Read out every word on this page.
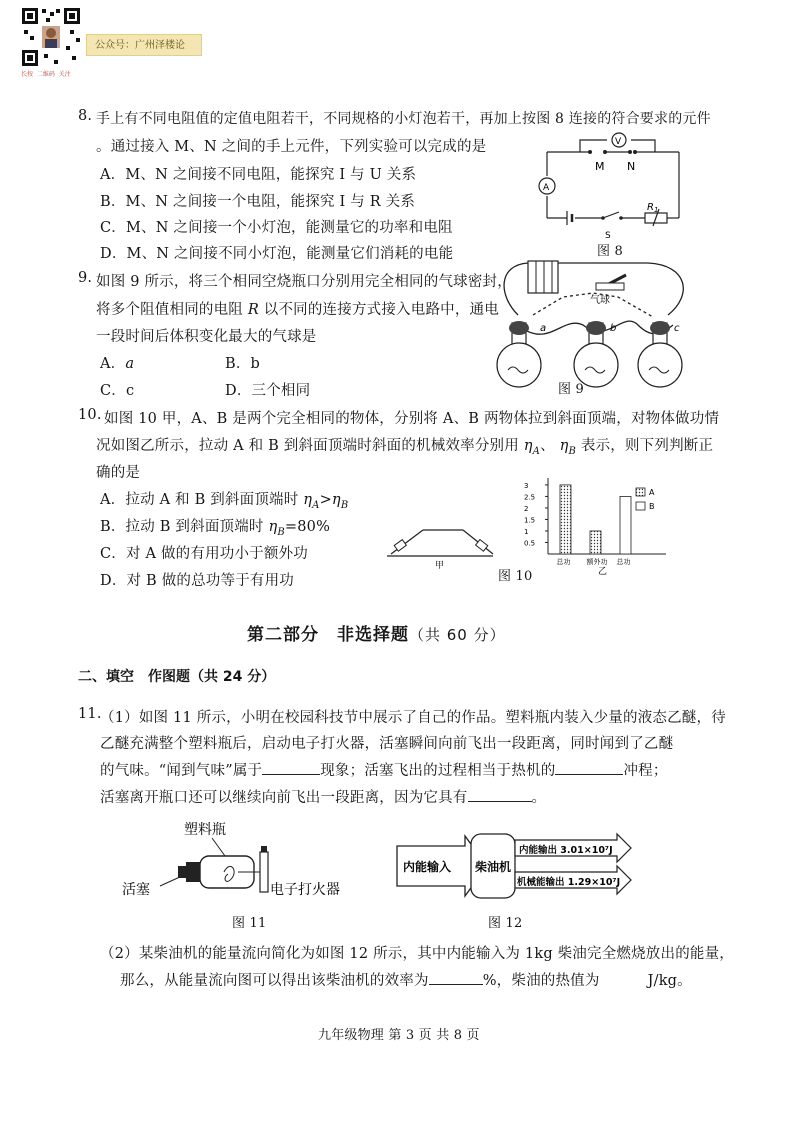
长按 二维码 关注
公众号：广州泽楼论
8. 手上有不同电阻值的定值电阻若干，不同规格的小灯泡若干，再加上按图 8 连接的符合要求的元件
。通过接入 M、N 之间的手上元件，下列实验可以完成的是
A．M、N 之间接不同电阻，能探究 I 与 U 关系
B．M、N 之间接一个电阻，能探究 I 与 R 关系
C．M、N 之间接一个小灯泡，能测量它的功率和电阻
D．M、N 之间接不同小灯泡，能测量它们消耗的电能
V
A
M N
S
$R_1$
图 8
9. 如图 9 所示，将三个相同空烧瓶口分别用完全相同的气球密封，
将多个阻值相同的电阻 R 以不同的连接方式接入电路中，通电
一段时间后体积变化最大的气球是
A．a	B．b
C．c	D．三个相同
气球
a	b	c
图 9
10. 如图 10 甲，A、B 是两个完全相同的物体，分别将 A、B 两物体拉到斜面顶端，对物体做功情
况如图乙所示，拉动 A 和 B 到斜面顶端时斜面的机械效率分别用 $\eta_A$、 $\eta_B$ 表示，则下列判断正
确的是
A．拉动 A 和 B 到斜面顶端时 $\eta_A>\eta_B$
B．拉动 B 到斜面顶端时 $\eta_B=80\%$
C．对 A 做的有用功小于额外功
D．对 B 做的总功等于有用功
甲
3
2.5
2
1.5
1
0.5
总功 额外功 总功
A
B
乙
图 10
第二部分　非选择题（共 60 分）
二、填空　作图题（共 24 分）
11.
（1）如图 11 所示，小明在校园科技节中展示了自己的作品。塑料瓶内装入少量的液态乙醚，待
乙醚充满整个塑料瓶后，启动电子打火器，活塞瞬间向前飞出一段距离，同时闻到了乙醚
的气味。“闻到气味”属于	现象；活塞飞出的过程相当于热机的	冲程；
活塞离开瓶口还可以继续向前飞出一段距离，因为它具有	。
塑料瓶
活塞	电子打火器
图 11
内能输入 柴油机
内能输出 3.01×10⁷J
机械能输出 1.29×10⁷J
图 12
（2）某柴油机的能量流向简化为如图 12 所示，其中内能输入为 1kg 柴油完全燃烧放出的能量，
那么，从能量流向图可以得出该柴油机的效率为	%，柴油的热值为	J/kg。
九年级物理 第 3 页 共 8 页
